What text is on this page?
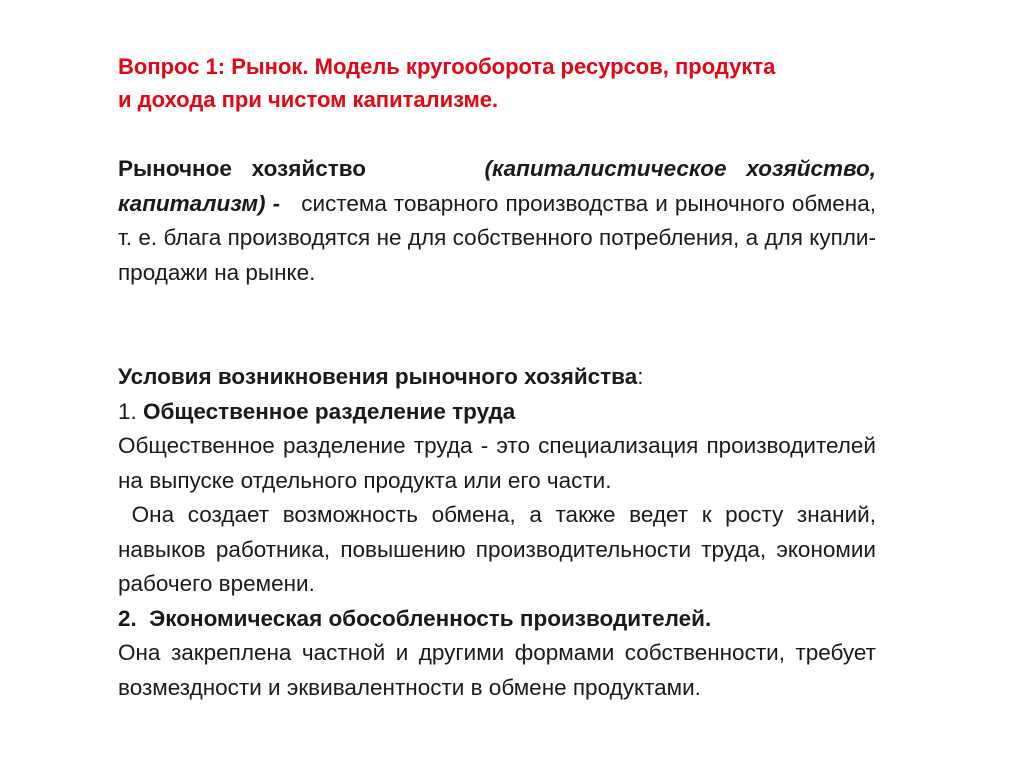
Вопрос 1: Рынок. Модель кругооборота ресурсов, продукта
и дохода при чистом капитализме.

Рыночное хозяйство	(капиталистическое хозяйство, капитализм) -   система товарного производства и рыночного обмена, т. е. блага производятся не для собственного потребления, а для купли-продажи на рынке.

Условия возникновения рыночного хозяйства:

1. Общественное разделение труда

Общественное разделение труда - это специализация производителей на выпуске отдельного продукта или его части.

Она создает возможность обмена, а также ведет к росту знаний, навыков работника, повышению производительности труда, экономии рабочего времени.

2.  Экономическая обособленность производителей.

Она закреплена частной и другими формами собственности, требует возмездности и эквивалентности в обмене продуктами.
